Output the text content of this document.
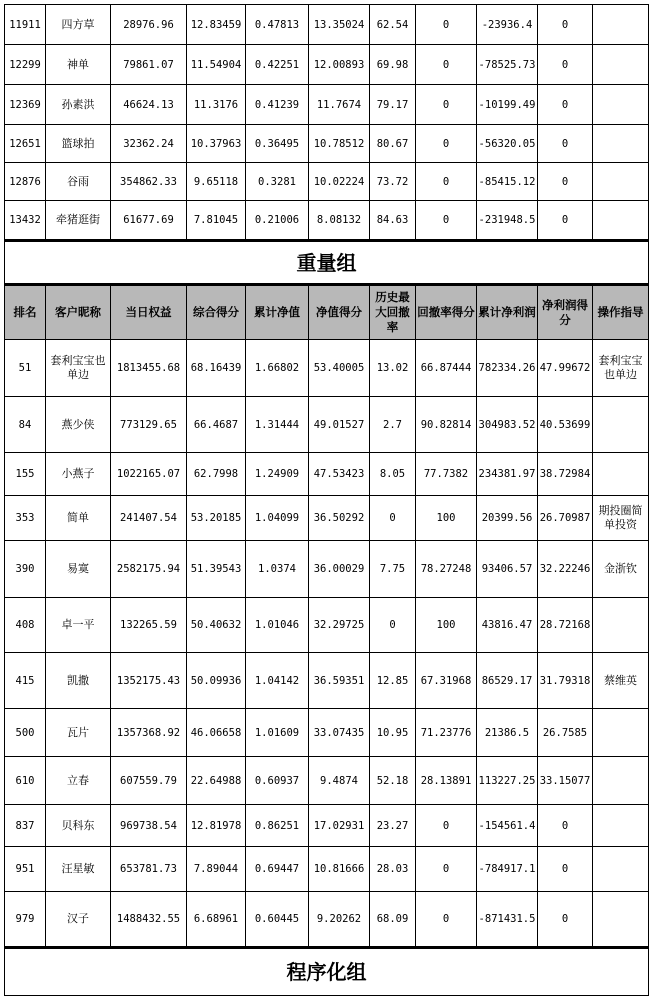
11911	四方草	28976.96	12.83459	0.47813	13.35024	62.54	0	-23936.4	0	
12299	神单	79861.07	11.54904	0.42251	12.00893	69.98	0	-78525.73	0	
12369	孙素洪	46624.13	11.3176	0.41239	11.7674	79.17	0	-10199.49	0	
12651	篮球拍	32362.24	10.37963	0.36495	10.78512	80.67	0	-56320.05	0	
12876	谷雨	354862.33	9.65118	0.3281	10.02224	73.72	0	-85415.12	0	
13432	牵猪逛街	61677.69	7.81045	0.21006	8.08132	84.63	0	-231948.5	0	
重量组										
排名	客户昵称	当日权益	综合得分	累计净值	净值得分	历史最大回撤率	回撤率得分	累计净利润	净利润得分	操作指导
51	套利宝宝也单边	1813455.68	68.16439	1.66802	53.40005	13.02	66.87444	782334.26	47.99672	套利宝宝也单边
84	燕少侠	773129.65	66.4687	1.31444	49.01527	2.7	90.82814	304983.52	40.53699	
155	小燕子	1022165.07	62.7998	1.24909	47.53423	8.05	77.7382	234381.97	38.72984	
353	简单	241407.54	53.20185	1.04099	36.50292	0	100	20399.56	26.70987	期投圈简单投资
390	易寞	2582175.94	51.39543	1.0374	36.00029	7.75	78.27248	93406.57	32.22246	金浙钦
408	卓一平	132265.59	50.40632	1.01046	32.29725	0	100	43816.47	28.72168	
415	凯撒	1352175.43	50.09936	1.04142	36.59351	12.85	67.31968	86529.17	31.79318	蔡维英
500	瓦片	1357368.92	46.06658	1.01609	33.07435	10.95	71.23776	21386.5	26.7585	
610	立春	607559.79	22.64988	0.60937	9.4874	52.18	28.13891	113227.25	33.15077	
837	贝科东	969738.54	12.81978	0.86251	17.02931	23.27	0	-154561.4	0	
951	汪星敏	653781.73	7.89044	0.69447	10.81666	28.03	0	-784917.1	0	
979	汉子	1488432.55	6.68961	0.60445	9.20262	68.09	0	-871431.5	0	
程序化组										
